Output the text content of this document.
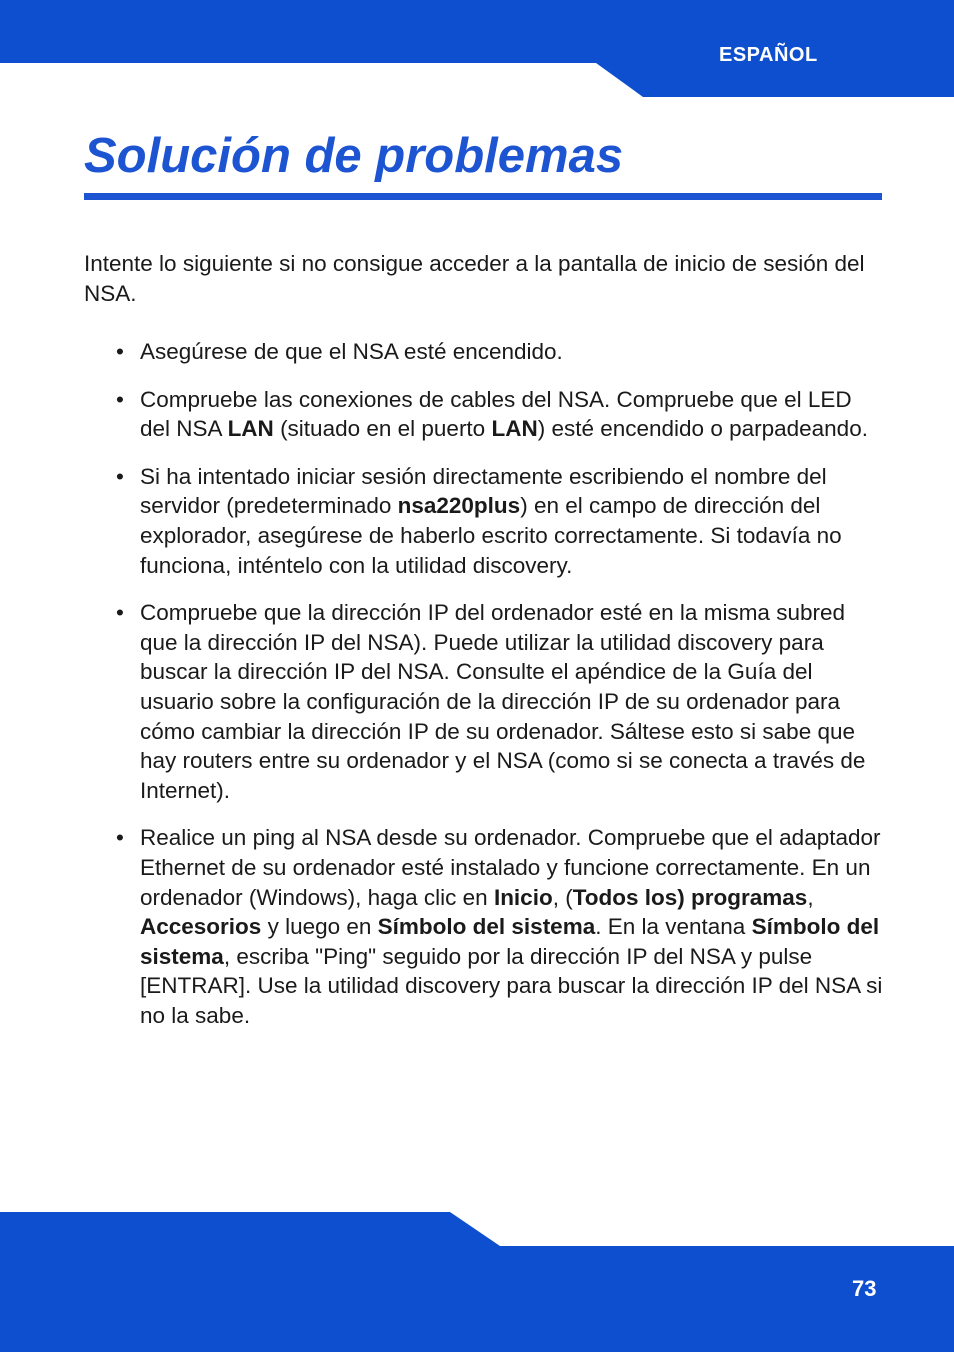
ESPAÑOL
Solución de problemas

Intente lo siguiente si no consigue acceder a la pantalla de inicio de sesión del NSA.

• Asegúrese de que el NSA esté encendido.
• Compruebe las conexiones de cables del NSA. Compruebe que el LED del NSA LAN (situado en el puerto LAN) esté encendido o parpadeando.
• Si ha intentado iniciar sesión directamente escribiendo el nombre del servidor (predeterminado nsa220plus) en el campo de dirección del explorador, asegúrese de haberlo escrito correctamente. Si todavía no funciona, inténtelo con la utilidad discovery.
• Compruebe que la dirección IP del ordenador esté en la misma subred que la dirección IP del NSA). Puede utilizar la utilidad discovery para buscar la dirección IP del NSA. Consulte el apéndice de la Guía del usuario sobre la configuración de la dirección IP de su ordenador para cómo cambiar la dirección IP de su ordenador. Sáltese esto si sabe que hay routers entre su ordenador y el NSA (como si se conecta a través de Internet).
• Realice un ping al NSA desde su ordenador. Compruebe que el adaptador Ethernet de su ordenador esté instalado y funcione correctamente. En un ordenador (Windows), haga clic en Inicio, (Todos los) programas, Accesorios y luego en Símbolo del sistema. En la ventana Símbolo del sistema, escriba "Ping" seguido por la dirección IP del NSA y pulse [ENTRAR]. Use la utilidad discovery para buscar la dirección IP del NSA si no la sabe.
73
